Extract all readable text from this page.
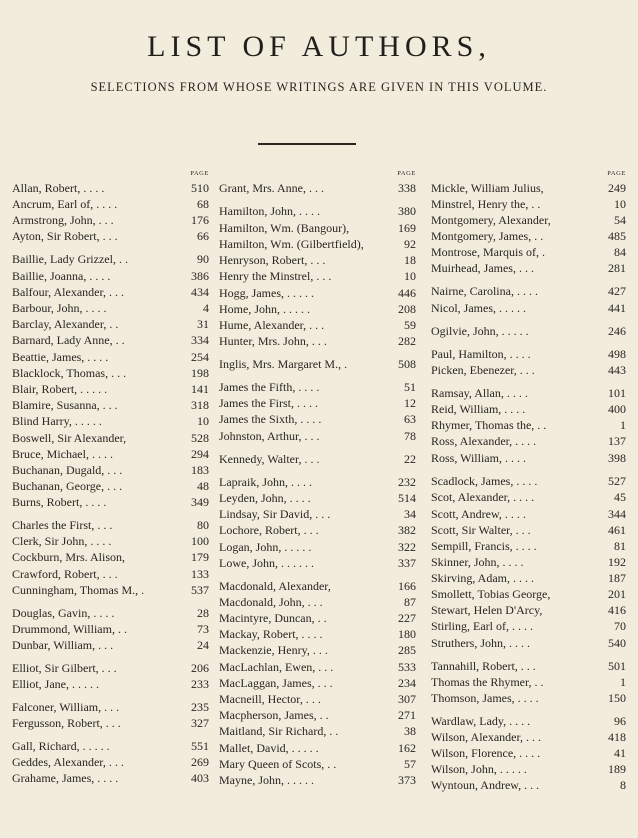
LIST OF AUTHORS,
SELECTIONS FROM WHOSE WRITINGS ARE GIVEN IN THIS VOLUME.
PAGE
Allan, Robert, . . . .	510
Ancrum, Earl of, . . . .	68
Armstrong, John, . . .	176
Ayton, Sir Robert, . . .	66
Baillie, Lady Grizzel, . .	90
Baillie, Joanna, . . . .	386
Balfour, Alexander, . . .	434
Barbour, John, . . . .	4
Barclay, Alexander, . .	31
Barnard, Lady Anne, . .	334
Beattie, James, . . . .	254
Blacklock, Thomas, . . .	198
Blair, Robert, . . . . .	141
Blamire, Susanna, . . .	318
Blind Harry, . . . . .	10
Boswell, Sir Alexander,	528
Bruce, Michael, . . . .	294
Buchanan, Dugald, . . .	183
Buchanan, George, . . .	48
Burns, Robert, . . . .	349
Charles the First, . . .	80
Clerk, Sir John, . . . .	100
Cockburn, Mrs. Alison,	179
Crawford, Robert, . . .	133
Cunningham, Thomas M., .	537
Douglas, Gavin, . . . .	28
Drummond, William, . .	73
Dunbar, William, . . .	24
Elliot, Sir Gilbert, . . .	206
Elliot, Jane, . . . . .	233
Falconer, William, . . .	235
Fergusson, Robert, . . .	327
Gall, Richard, . . . . .	551
Geddes, Alexander, . . .	269
Grahame, James, . . . .	403
PAGE
Grant, Mrs. Anne, . . .	338
Hamilton, John, . . . .	380
Hamilton, Wm. (Bangour),	169
Hamilton, Wm. (Gilbertfield),	92
Henryson, Robert, . . .	18
Henry the Minstrel, . . .	10
Hogg, James, . . . . .	446
Home, John, . . . . .	208
Hume, Alexander, . . .	59
Hunter, Mrs. John, . . .	282
Inglis, Mrs. Margaret M., .	508
James the Fifth, . . . .	51
James the First, . . . .	12
James the Sixth, . . . .	63
Johnston, Arthur, . . .	78
Kennedy, Walter, . . .	22
Lapraik, John, . . . .	232
Leyden, John, . . . .	514
Lindsay, Sir David, . . .	34
Lochore, Robert, . . .	382
Logan, John, . . . . .	322
Lowe, John, . . . . . .	337
Macdonald, Alexander,	166
Macdonald, John, . . .	87
Macintyre, Duncan, . .	227
Mackay, Robert, . . . .	180
Mackenzie, Henry, . . .	285
MacLachlan, Ewen, . . .	533
MacLaggan, James, . . .	234
Macneill, Hector, . . .	307
Macpherson, James, . .	271
Maitland, Sir Richard, . .	38
Mallet, David, . . . . .	162
Mary Queen of Scots, . .	57
Mayne, John, . . . . .	373
PAGE
Mickle, William Julius,	249
Minstrel, Henry the, . .	10
Montgomery, Alexander,	54
Montgomery, James, . .	485
Montrose, Marquis of, .	84
Muirhead, James, . . .	281
Nairne, Carolina, . . . .	427
Nicol, James, . . . . .	441
Ogilvie, John, . . . . .	246
Paul, Hamilton, . . . .	498
Picken, Ebenezer, . . .	443
Ramsay, Allan, . . . .	101
Reid, William, . . . .	400
Rhymer, Thomas the, . .	1
Ross, Alexander, . . . .	137
Ross, William, . . . .	398
Scadlock, James, . . . .	527
Scot, Alexander, . . . .	45
Scott, Andrew, . . . .	344
Scott, Sir Walter, . . .	461
Sempill, Francis, . . . .	81
Skinner, John, . . . .	192
Skirving, Adam, . . . .	187
Smollett, Tobias George,	201
Stewart, Helen D'Arcy,	416
Stirling, Earl of, . . . .	70
Struthers, John, . . . .	540
Tannahill, Robert, . . .	501
Thomas the Rhymer, . .	1
Thomson, James, . . . .	150
Wardlaw, Lady, . . . .	96
Wilson, Alexander, . . .	418
Wilson, Florence, . . . .	41
Wilson, John, . . . . .	189
Wyntoun, Andrew, . . .	8
